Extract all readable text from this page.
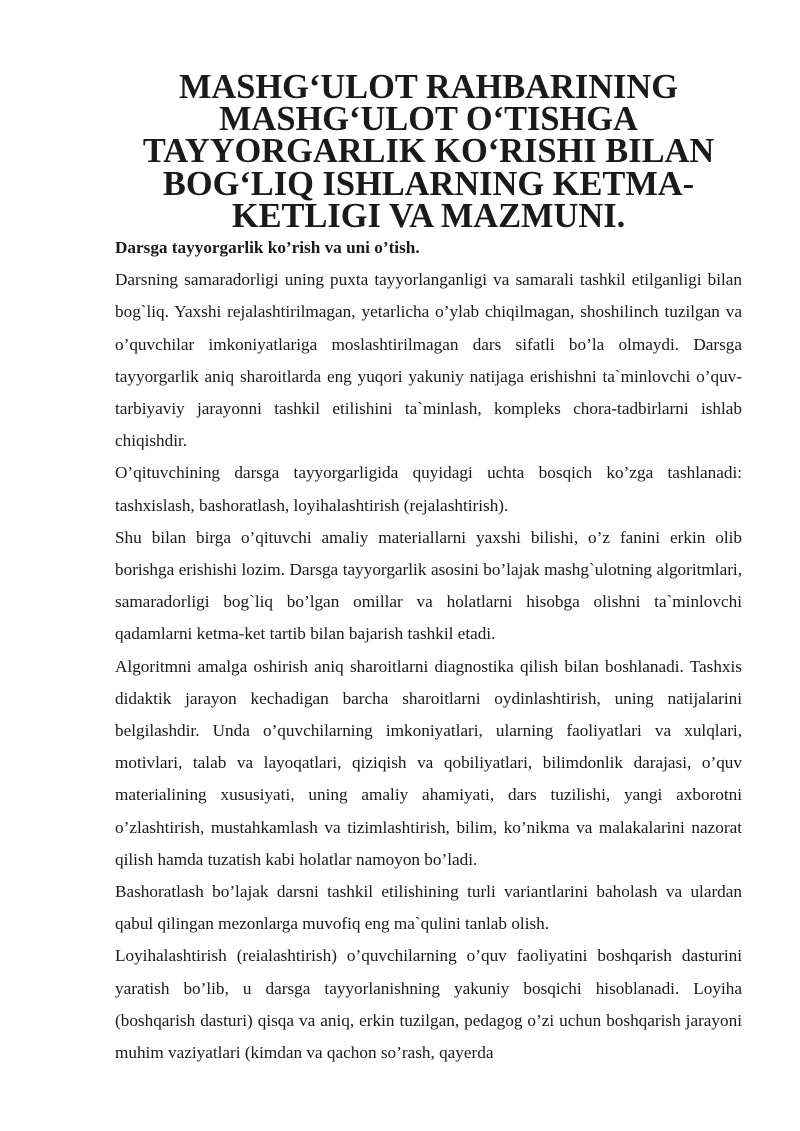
MASHG‘ULOT RAHBARINING MASHG‘ULOT O‘TISHGA TAYYORGARLIK KO‘RISHI BILAN BOG‘LIQ ISHLARNING KETMA-KETLIGI VA MAZMUNI.

Darsga tayyorgarlik ko’rish va uni o’tish.

Darsning samaradorligi uning puxta tayyorlanganligi va samarali tashkil etilganligi bilan bog`liq. Yaxshi rejalashtirilmagan, yetarlicha o’ylab chiqilmagan, shoshilinch tuzilgan va o’quvchilar imkoniyatlariga moslashtirilmagan dars sifatli bo’la olmaydi. Darsga tayyorgarlik aniq sharoitlarda eng yuqori yakuniy natijaga erishishni ta`minlovchi o’quv-tarbiyaviy jarayonni tashkil etilishini ta`minlash, kompleks chora-tadbirlarni ishlab chiqishdir.

O’qituvchining darsga tayyorgarligida quyidagi uchta bosqich ko’zga tashlanadi: tashxislash, bashoratlash, loyihalashtirish (rejalashtirish).

Shu bilan birga o’qituvchi amaliy materiallarni yaxshi bilishi, o’z fanini erkin olib borishga erishishi lozim. Darsga tayyorgarlik asosini bo’lajak mashg`ulotning algoritmlari, samaradorligi bog`liq bo’lgan omillar va holatlarni hisobga olishni ta`minlovchi qadamlarni ketma-ket tartib bilan bajarish tashkil etadi.

Algoritmni amalga oshirish aniq sharoitlarni diagnostika qilish bilan boshlanadi. Tashxis didaktik jarayon kechadigan barcha sharoitlarni oydinlashtirish, uning natijalarini belgilashdir. Unda o’quvchilarning imkoniyatlari, ularning faoliyatlari va xulqlari, motivlari, talab va layoqatlari, qiziqish va qobiliyatlari, bilimdonlik darajasi, o’quv materialining xususiyati, uning amaliy ahamiyati, dars tuzilishi, yangi axborotni o’zlashtirish, mustahkamlash va tizimlashtirish, bilim, ko’nikma va malakalarini nazorat qilish hamda tuzatish kabi holatlar namoyon bo’ladi.

Bashoratlash bo’lajak darsni tashkil etilishining turli variantlarini baholash va ulardan qabul qilingan mezonlarga muvofiq eng ma`qulini tanlab olish.

Loyihalashtirish (reialashtirish) o’quvchilarning o’quv faoliyatini boshqarish dasturini yaratish bo’lib, u darsga tayyorlanishning yakuniy bosqichi hisoblanadi. Loyiha (boshqarish dasturi) qisqa va aniq, erkin tuzilgan, pedagog o’zi uchun boshqarish jarayoni muhim vaziyatlari (kimdan va qachon so’rash, qayerda
